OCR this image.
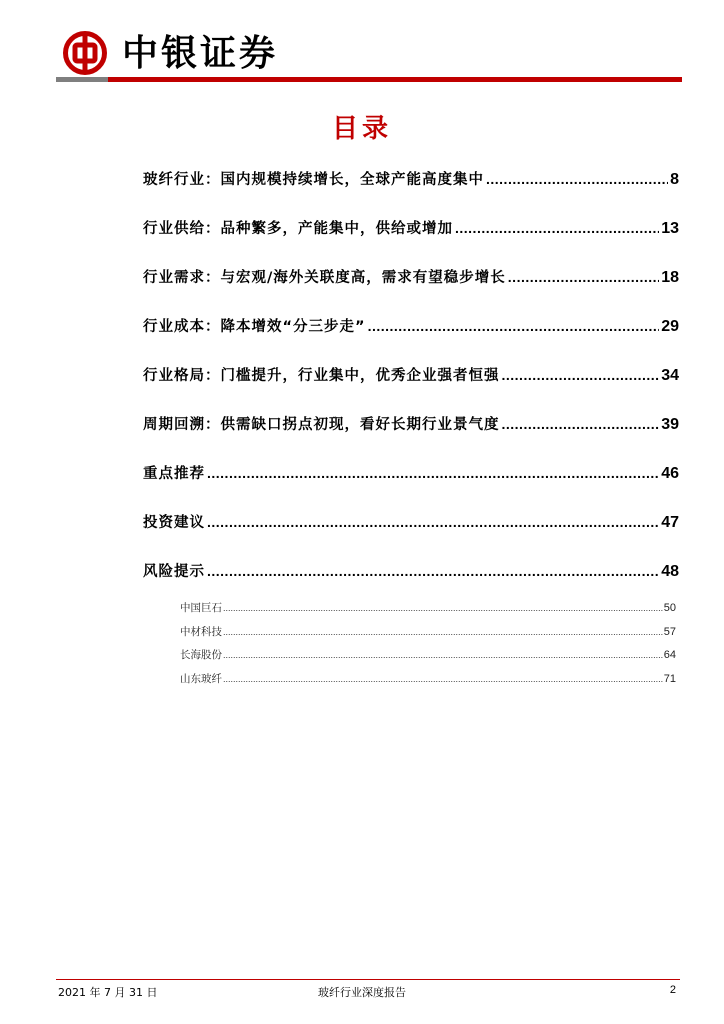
中银证券
目录
玻纤行业：国内规模持续增长，全球产能高度集中 .....	8
行业供给：品种繁多，产能集中，供给或增加 .....	13
行业需求：与宏观/海外关联度高，需求有望稳步增长 .....	18
行业成本：降本增效“分三步走” .....	29
行业格局：门槛提升，行业集中，优秀企业强者恒强 .....	34
周期回溯：供需缺口拐点初现，看好长期行业景气度 .....	39
重点推荐 .....	46
投资建议 .....	47
风险提示 .....	48
中国巨石 .....	50
中材科技 .....	57
长海股份 .....	64
山东玻纤 .....	71
2021 年 7 月 31 日	玻纤行业深度报告	2
